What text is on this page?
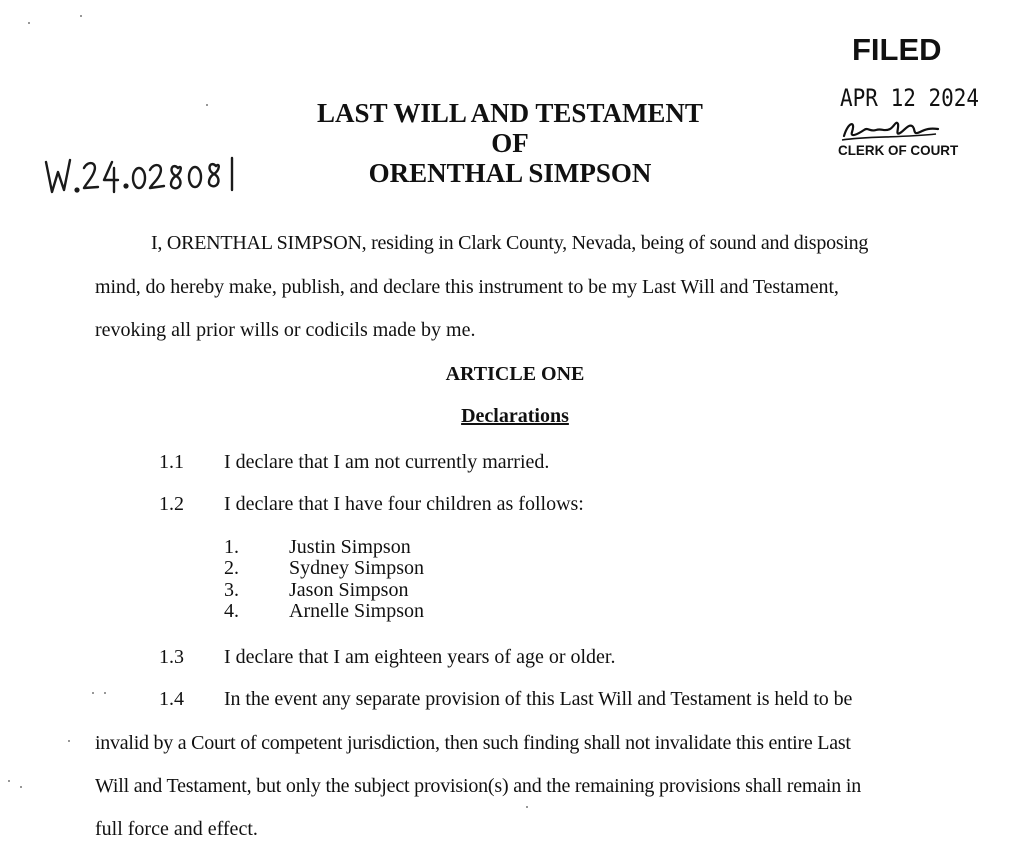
FILED
APR 12 2024
CLERK OF COURT
LAST WILL AND TESTAMENT
OF
ORENTHAL SIMPSON
I, ORENTHAL SIMPSON, residing in Clark County, Nevada, being of sound and disposing
mind, do hereby make, publish, and declare this instrument to be my Last Will and Testament,
revoking all prior wills or codicils made by me.
ARTICLE ONE
Declarations
1.1 I declare that I am not currently married.
1.2 I declare that I have four children as follows:
1.	Justin Simpson
2.	Sydney Simpson
3.	Jason Simpson
4.	Arnelle Simpson
1.3 I declare that I am eighteen years of age or older.
1.4 In the event any separate provision of this Last Will and Testament is held to be
invalid by a Court of competent jurisdiction, then such finding shall not invalidate this entire Last
Will and Testament, but only the subject provision(s) and the remaining provisions shall remain in
full force and effect.
